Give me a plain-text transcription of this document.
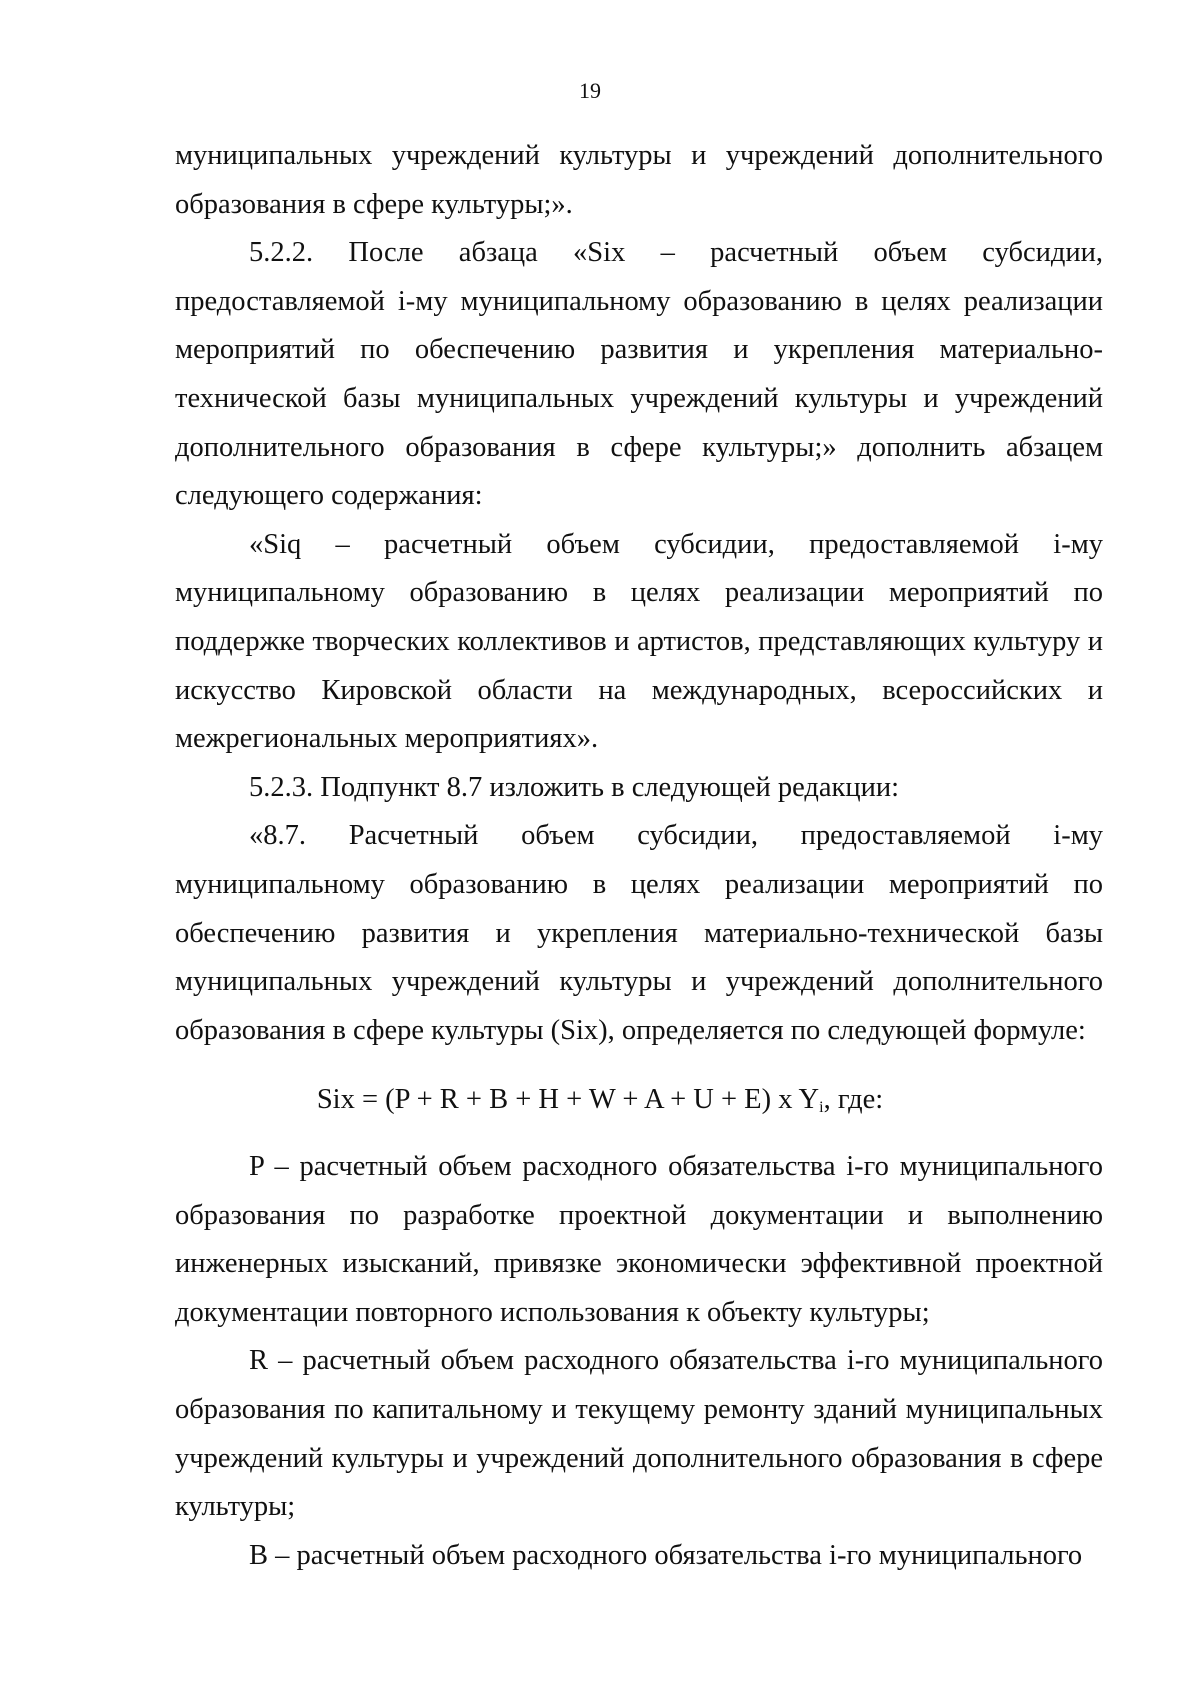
19

муниципальных учреждений культуры и учреждений дополнительного образования в сфере культуры;».

5.2.2. После абзаца «Six – расчетный объем субсидии, предоставляемой i-му муниципальному образованию в целях реализации мероприятий по обеспечению развития и укрепления материально-технической базы муниципальных учреждений культуры и учреждений дополнительного образования в сфере культуры;» дополнить абзацем следующего содержания:

«Siq – расчетный объем субсидии, предоставляемой i-му муниципальному образованию в целях реализации мероприятий по поддержке творческих коллективов и артистов, представляющих культуру и искусство Кировской области на международных, всероссийских и межрегиональных мероприятиях».

5.2.3. Подпункт 8.7 изложить в следующей редакции:

«8.7. Расчетный объем субсидии, предоставляемой i-му муниципальному образованию в целях реализации мероприятий по обеспечению развития и укрепления материально-технической базы муниципальных учреждений культуры и учреждений дополнительного образования в сфере культуры (Six), определяется по следующей формуле:

Six = (P + R + B + H + W + A + U + E) x $Y_i$, где:

P – расчетный объем расходного обязательства i-го муниципального образования по разработке проектной документации и выполнению инженерных изысканий, привязке экономически эффективной проектной документации повторного использования к объекту культуры;

R – расчетный объем расходного обязательства i-го муниципального образования по капитальному и текущему ремонту зданий муниципальных учреждений культуры и учреждений дополнительного образования в сфере культуры;

B – расчетный объем расходного обязательства i-го муниципального
